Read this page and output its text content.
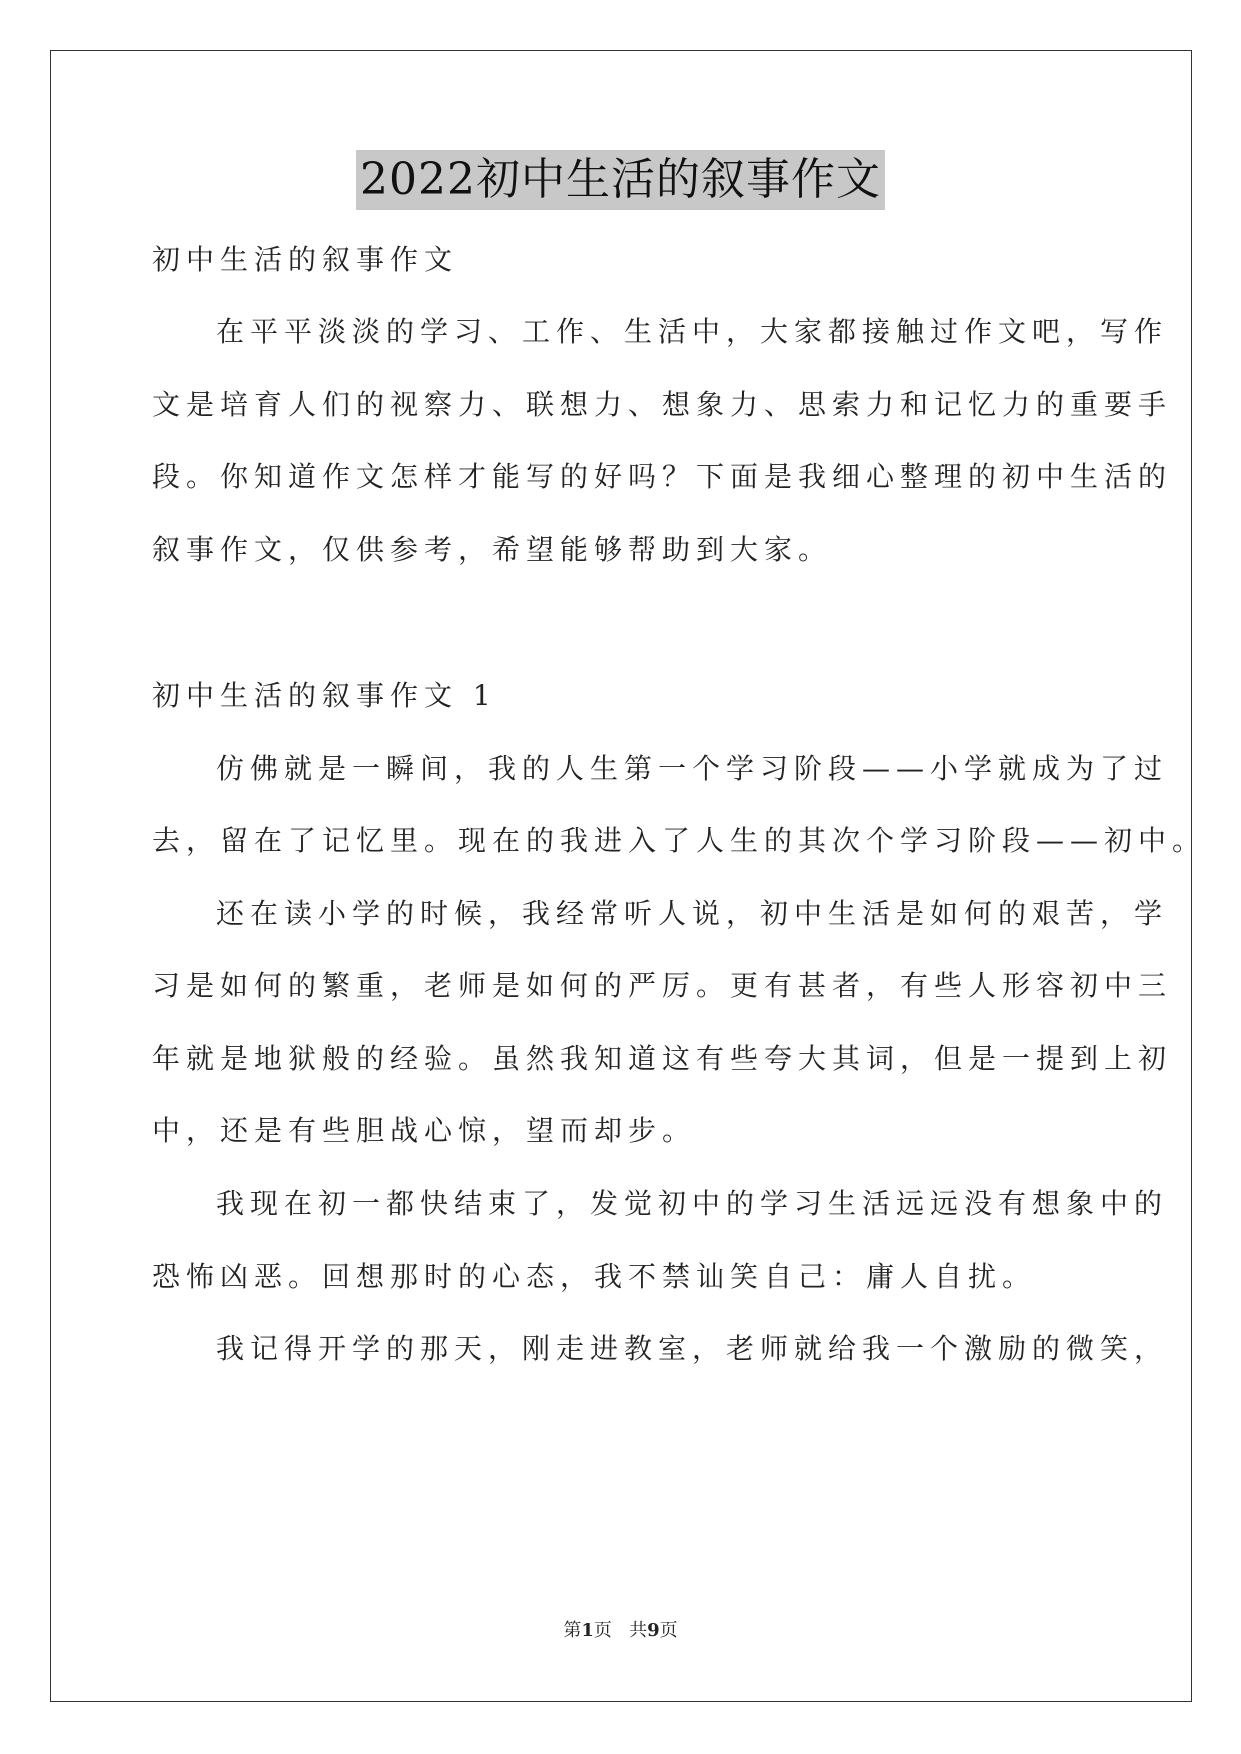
2022初中生活的叙事作文
初中生活的叙事作文
在平平淡淡的学习、工作、生活中，大家都接触过作文吧，写作
文是培育人们的视察力、联想力、想象力、思索力和记忆力的重要手
段。你知道作文怎样才能写的好吗？下面是我细心整理的初中生活的
叙事作文，仅供参考，希望能够帮助到大家。
初中生活的叙事作文 1
仿佛就是一瞬间，我的人生第一个学习阶段——小学就成为了过
去，留在了记忆里。现在的我进入了人生的其次个学习阶段——初中。
还在读小学的时候，我经常听人说，初中生活是如何的艰苦，学
习是如何的繁重，老师是如何的严厉。更有甚者，有些人形容初中三
年就是地狱般的经验。虽然我知道这有些夸大其词，但是一提到上初
中，还是有些胆战心惊，望而却步。
我现在初一都快结束了，发觉初中的学习生活远远没有想象中的
恐怖凶恶。回想那时的心态，我不禁讪笑自己：庸人自扰。
我记得开学的那天，刚走进教室，老师就给我一个激励的微笑，
第1页   共9页
